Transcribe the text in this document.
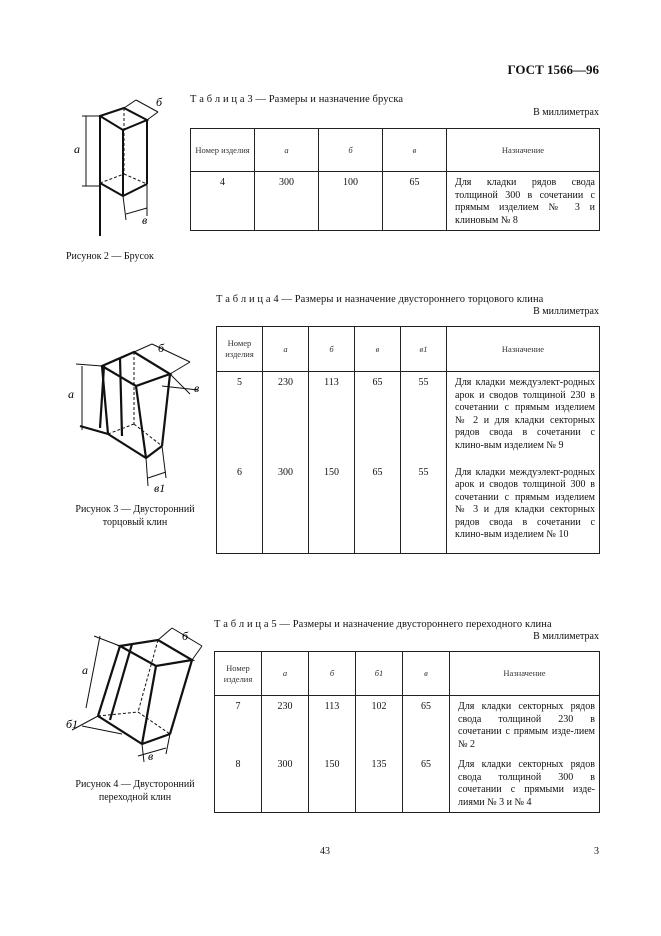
ГОСТ 1566—96
Т а б л и ц а 3 — Размеры и назначение бруска
В миллиметрах
Номер изделия	а	б	в	Назначение
4	300	100	65	Для кладки рядов свода толщиной 300 в сочетании с прямым изделием № 3 и клиновым № 8
а
б
в
Рисунок 2 — Брусок
Т а б л и ц а 4 — Размеры и назначение двустороннего торцового клина
В миллиметрах
Номер изделия	а	б	в	в1	Назначение
5	230	113	65	55	Для кладки междуэлект-родных арок и сводов толщиной 230 в сочетании с прямым изделием № 2 и для кладки секторных рядов свода в сочетании с клино-вым изделием № 9
6	300	150	65	55	Для кладки междуэлект-родных арок и сводов толщиной 300 в сочетании с прямым изделием № 3 и для кладки секторных рядов свода в сочетании с клино-вым изделием № 10
а
б
в
в1
Рисунок 3 — Двусторонний
торцовый клин
Т а б л и ц а 5 — Размеры и назначение двустороннего переходного клина
В миллиметрах
Номер изделия	а	б	б1	в	Назначение
7	230	113	102	65	Для кладки секторных рядов свода толщиной 230 в сочетании с прямым изде-лием № 2
8	300	150	135	65	Для кладки секторных рядов свода толщиной 300 в сочетании с прямыми изде-лиями № 3 и № 4
а
б
б1
в
Рисунок 4 — Двусторонний
переходной клин
43	3
